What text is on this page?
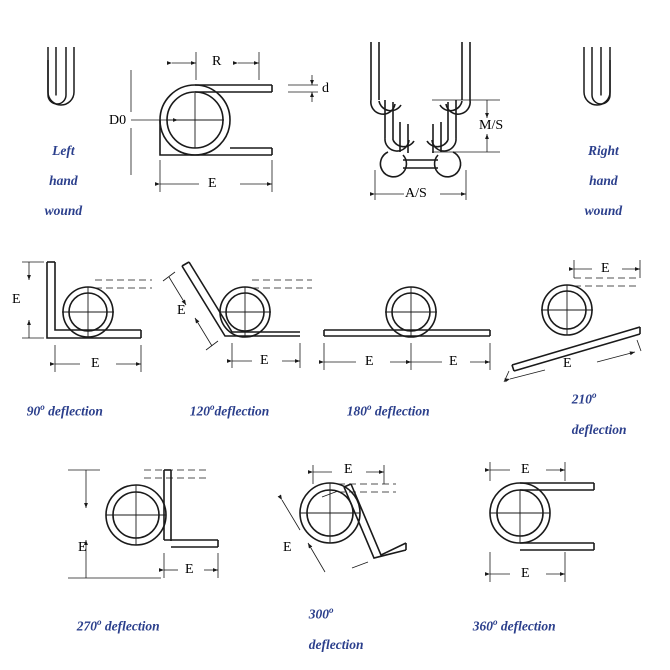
Left

hand

wound

Right

hand

wound

R
d
D0
E
M/S
A/S
E
E
E
E	E	E
E
E
E
E
E
E
E
E

90$^o$ deflection	120$^o$deflection	180$^o$ deflection

210$^o$

deflection

270$^o$ deflection

300$^o$

deflection

360$^o$ deflection
